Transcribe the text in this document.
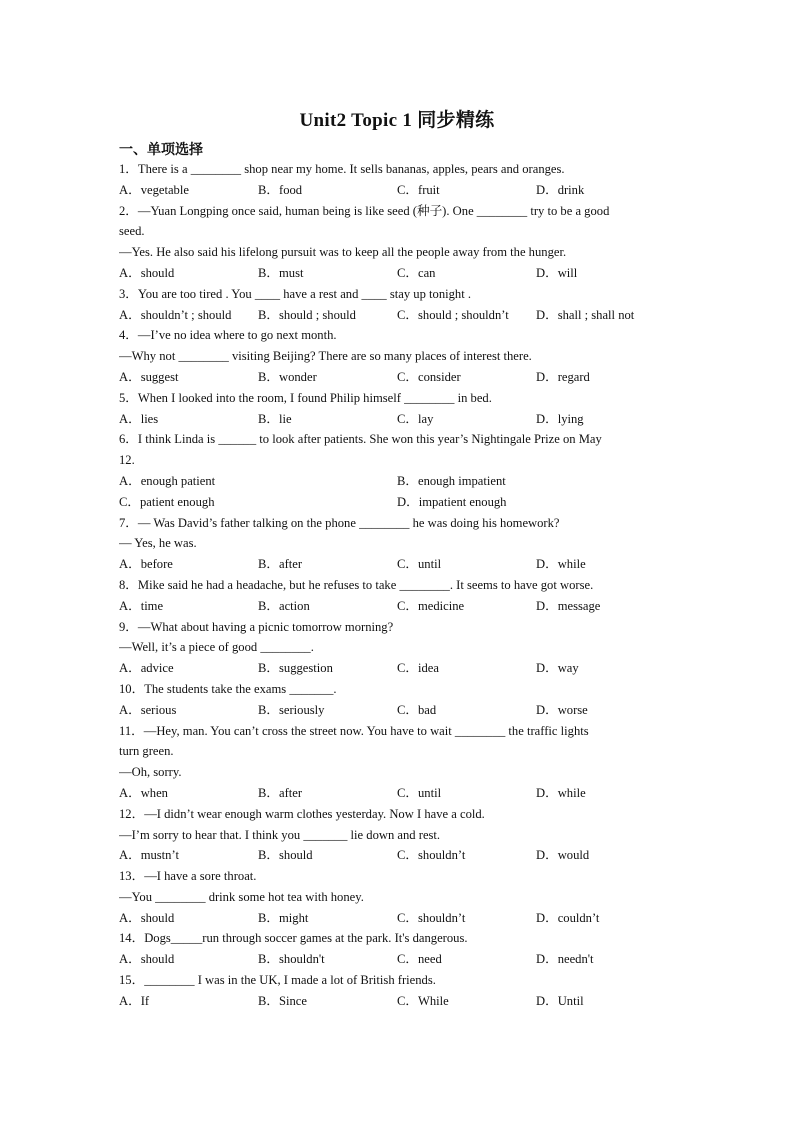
Unit2 Topic 1 同步精练
一、单项选择
1．There is a ________ shop near my home. It sells bananas, apples, pears and oranges.
A．vegetable	B．food	C．fruit	D．drink
2．—Yuan Longping once said, human being is like seed (种子). One ________ try to be a good
seed.
—Yes. He also said his lifelong pursuit was to keep all the people away from the hunger.
A．should	B．must	C．can	D．will
3．You are too tired . You ____ have a rest and ____ stay up tonight .
A．shouldn’t ; should	B．should ; should	C．should ; shouldn’t	D．shall ; shall not
4．—I’ve no idea where to go next month.
—Why not ________ visiting Beijing? There are so many places of interest there.
A．suggest	B．wonder	C．consider	D．regard
5．When I looked into the room, I found Philip himself ________ in bed.
A．lies	B．lie	C．lay	D．lying
6．I think Linda is ______ to look after patients. She won this year’s Nightingale Prize on May
12.
A．enough patient	B．enough impatient
C．patient enough	D．impatient enough
7．— Was David’s father talking on the phone ________ he was doing his homework?
— Yes, he was.
A．before	B．after	C．until	D．while
8．Mike said he had a headache, but he refuses to take ________. It seems to have got worse.
A．time	B．action	C．medicine	D．message
9．—What about having a picnic tomorrow morning?
—Well, it’s a piece of good ________.
A．advice	B．suggestion	C．idea	D．way
10．The students take the exams _______.
A．serious	B．seriously	C．bad	D．worse
11．—Hey, man. You can’t cross the street now. You have to wait ________ the traffic lights
turn green.
—Oh, sorry.
A．when	B．after	C．until	D．while
12．—I didn’t wear enough warm clothes yesterday. Now I have a cold.
—I’m sorry to hear that. I think you _______ lie down and rest.
A．mustn’t	B．should	C．shouldn’t	D．would
13．—I have a sore throat.
—You ________ drink some hot tea with honey.
A．should	B．might	C．shouldn’t	D．couldn’t
14．Dogs_____run through soccer games at the park. It's dangerous.
A．should	B．shouldn't	C．need	D．needn't
15．________ I was in the UK, I made a lot of British friends.
A．If	B．Since	C．While	D．Until
